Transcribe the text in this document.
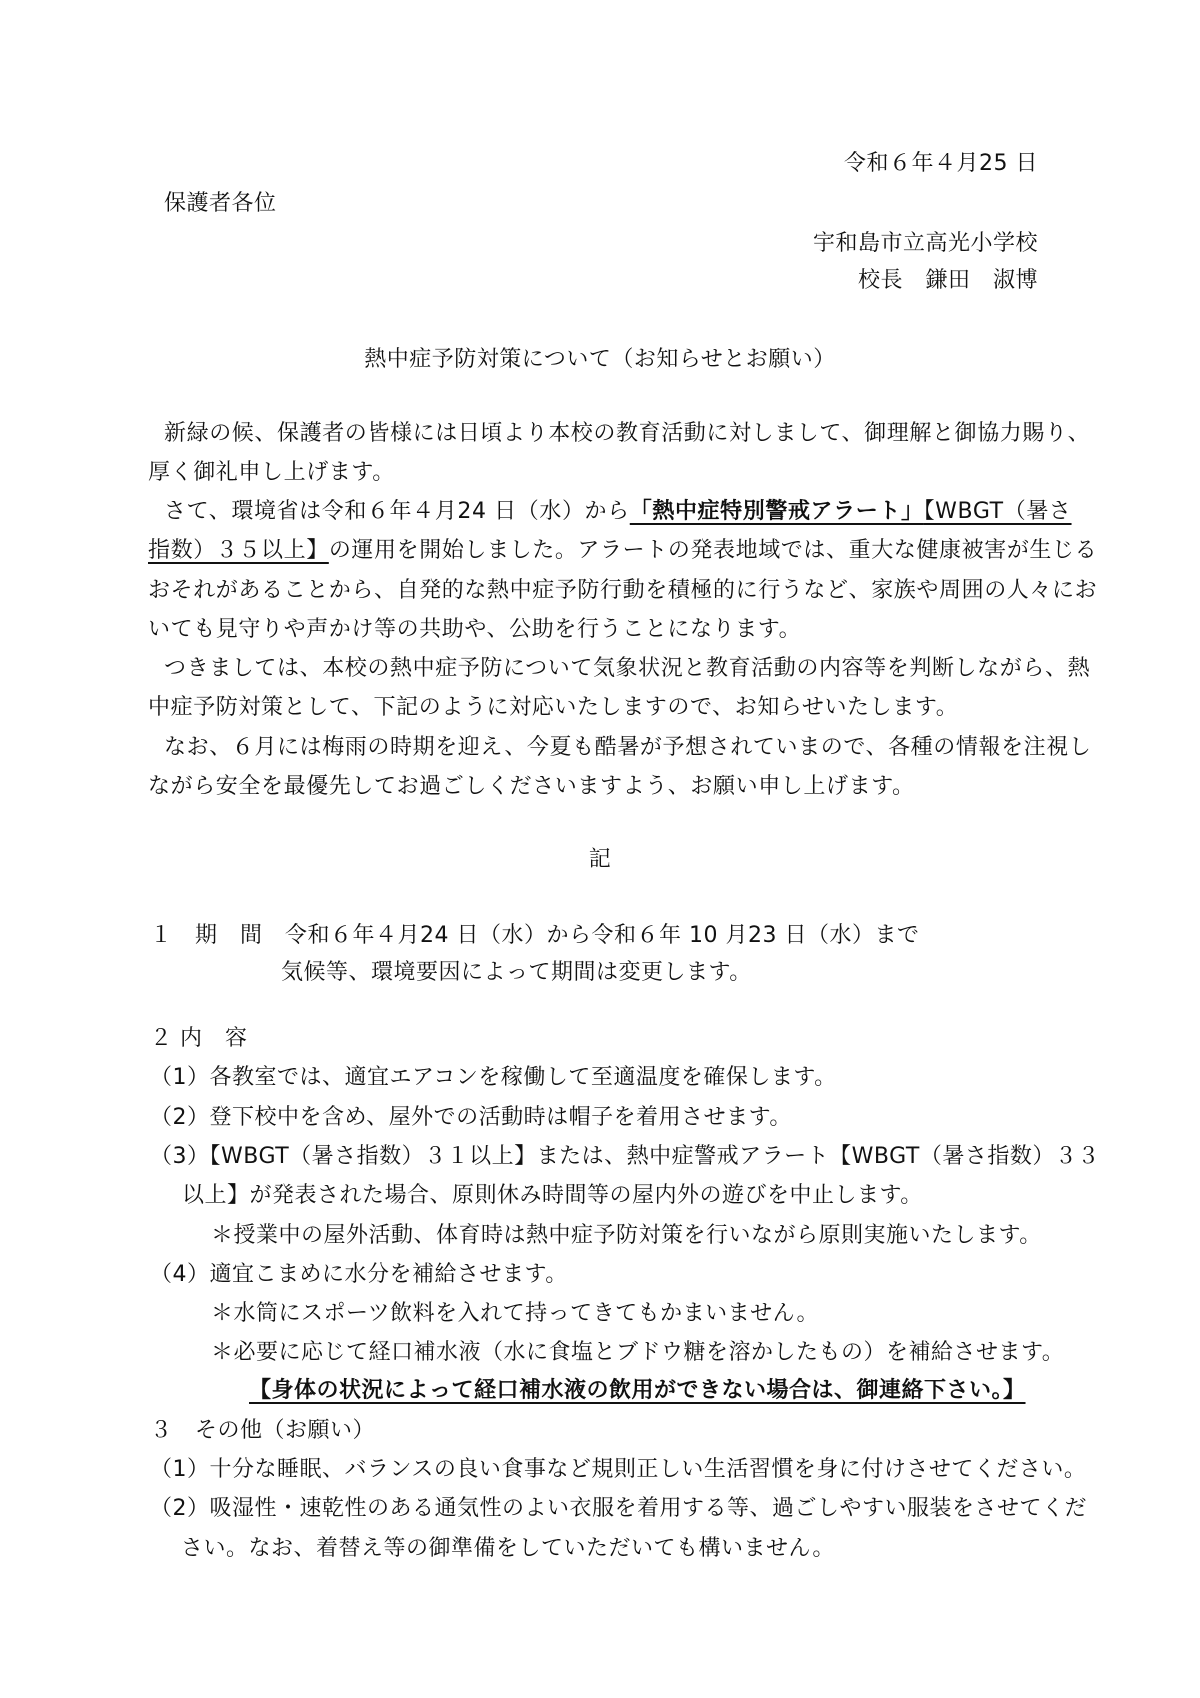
令和６年４月25 日
保護者各位
宇和島市立高光小学校
校長　鎌田　淑博
熱中症予防対策について（お知らせとお願い）
新緑の候、保護者の皆様には日頃より本校の教育活動に対しまして、御理解と御協力賜り、
厚く御礼申し上げます。
さて、環境省は令和６年４月24 日（水）から「熱中症特別警戒アラート」【WBGT（暑さ
指数）３５以上】の運用を開始しました。アラートの発表地域では、重大な健康被害が生じる
おそれがあることから、自発的な熱中症予防行動を積極的に行うなど、家族や周囲の人々にお
いても見守りや声かけ等の共助や、公助を行うことになります。
つきましては、本校の熱中症予防について気象状況と教育活動の内容等を判断しながら、熱
中症予防対策として、下記のように対応いたしますので、お知らせいたします。
なお、６月には梅雨の時期を迎え、今夏も酷暑が予想されていまので、各種の情報を注視し
ながら安全を最優先してお過ごしくださいますよう、お願い申し上げます。
記
１　期　間　令和６年４月24 日（水）から令和６年 10 月23 日（水）まで
気候等、環境要因によって期間は変更します。
２ 内　容
（1）各教室では、適宜エアコンを稼働して至適温度を確保します。
（2）登下校中を含め、屋外での活動時は帽子を着用させます。
（3）【WBGT（暑さ指数）３１以上】または、熱中症警戒アラート【WBGT（暑さ指数）３３
以上】が発表された場合、原則休み時間等の屋内外の遊びを中止します。
＊授業中の屋外活動、体育時は熱中症予防対策を行いながら原則実施いたします。
（4）適宜こまめに水分を補給させます。
＊水筒にスポーツ飲料を入れて持ってきてもかまいません。
＊必要に応じて経口補水液（水に食塩とブドウ糖を溶かしたもの）を補給させます。
【身体の状況によって経口補水液の飲用ができない場合は、御連絡下さい。】
３　その他（お願い）
（1）十分な睡眠、バランスの良い食事など規則正しい生活習慣を身に付けさせてください。
（2）吸湿性・速乾性のある通気性のよい衣服を着用する等、過ごしやすい服装をさせてくだ
さい。なお、着替え等の御準備をしていただいても構いません。
